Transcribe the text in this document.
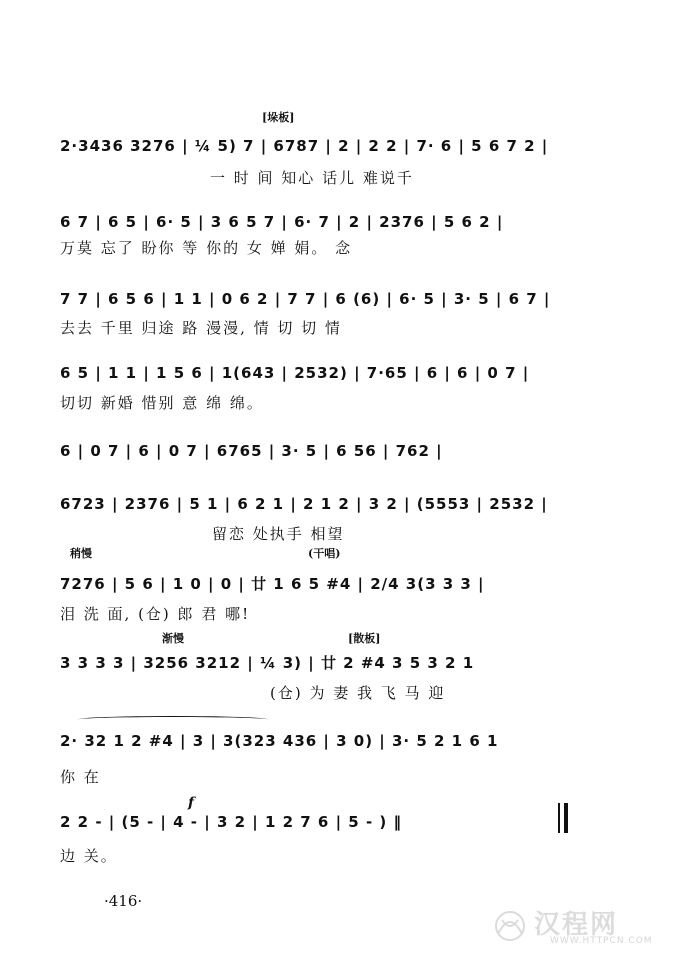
[ 垛板 ]
2·3436 3276 | ¼ 5) 7 | 6787 | 2 | 2 2 | 7· 6 | 5 6 7 2 |
一 时 间 知心 话儿 难说千
6 7 | 6 5 | 6· 5 | 3 6 5 7 | 6· 7 | 2 | 2376 | 5 6 2 |
万莫 忘了 盼你 等 你的 女 婵 娟。 念
7 7 | 6 5 6 | 1 1 | 0 6 2 | 7 7 | 6 (6) | 6· 5 | 3· 5 | 6 7 |
去去 千里 归途 路 漫漫, 情 切 切 情
6 5 | 1 1 | 1 5 6 | 1(643 | 2532) | 7·65 | 6 | 6 | 0 7 |
切切 新婚 惜别 意 绵 绵。
6 | 0 7 | 6 | 0 7 | 6765 | 3· 5 | 6 56 | 762 |
6723 | 2376 | 5 1 | 6 2 1 | 2 1 2 | 3 2 | (5553 | 2532 |
留恋 处执手 相望
稍慢	(干唱)
7276 | 5 6 | 1 0 | 0 | 廿 1 6 5 #4 | 2/4 3(3 3 3 |
泪 洗 面, (仓) 郎 君 哪!
渐慢
[	散板 ]
3 3 3 3 | 3256 3212 | ¼ 3) | 廿 2 #4 3 5 3 2 1
(仓) 为 妻 我 飞 马 迎
2· 32 1 2 #4 | 3 | 3(323 436 | 3 0) | 3· 5 2 1 6 1
你 在
f
2 2 - | (5 - | 4 - | 3 2 | 1 2 7 6 | 5 - ) ‖
边 关。
·416·
汉程网
WWW.HTTPCN.COM
